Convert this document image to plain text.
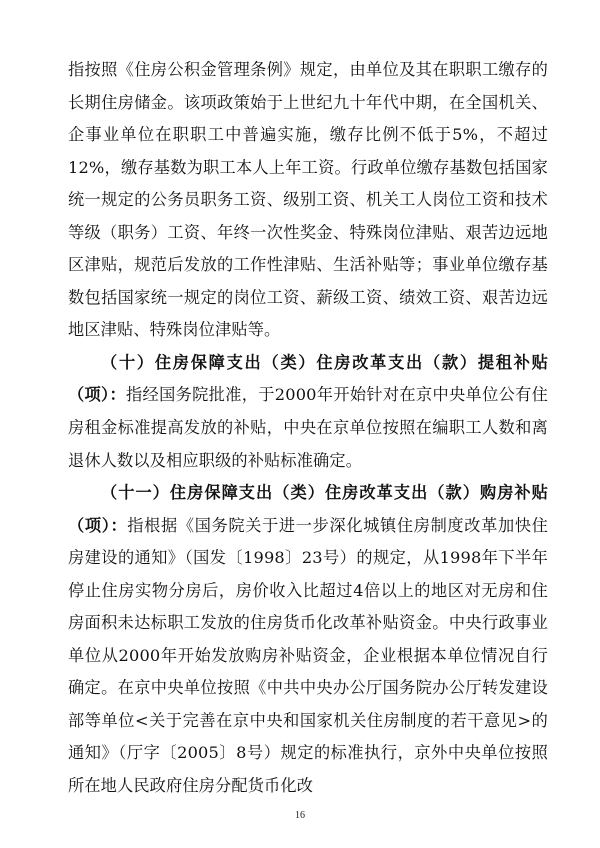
指按照《住房公积金管理条例》规定，由单位及其在职职工缴存的长期住房储金。该项政策始于上世纪九十年代中期，在全国机关、企事业单位在职职工中普遍实施，缴存比例不低于5%，不超过12%，缴存基数为职工本人上年工资。行政单位缴存基数包括国家统一规定的公务员职务工资、级别工资、机关工人岗位工资和技术等级（职务）工资、年终一次性奖金、特殊岗位津贴、艰苦边远地区津贴，规范后发放的工作性津贴、生活补贴等；事业单位缴存基数包括国家统一规定的岗位工资、薪级工资、绩效工资、艰苦边远地区津贴、特殊岗位津贴等。

（十）住房保障支出（类）住房改革支出（款）提租补贴（项）：指经国务院批准，于2000年开始针对在京中央单位公有住房租金标准提高发放的补贴，中央在京单位按照在编职工人数和离退休人数以及相应职级的补贴标准确定。

（十一）住房保障支出（类）住房改革支出（款）购房补贴（项）：指根据《国务院关于进一步深化城镇住房制度改革加快住房建设的通知》（国发〔1998〕23号）的规定，从1998年下半年停止住房实物分房后，房价收入比超过4倍以上的地区对无房和住房面积未达标职工发放的住房货币化改革补贴资金。中央行政事业单位从2000年开始发放购房补贴资金，企业根据本单位情况自行确定。在京中央单位按照《中共中央办公厅国务院办公厅转发建设部等单位<关于完善在京中央和国家机关住房制度的若干意见>的通知》（厅字〔2005〕8号）规定的标准执行，京外中央单位按照所在地人民政府住房分配货币化改

16
